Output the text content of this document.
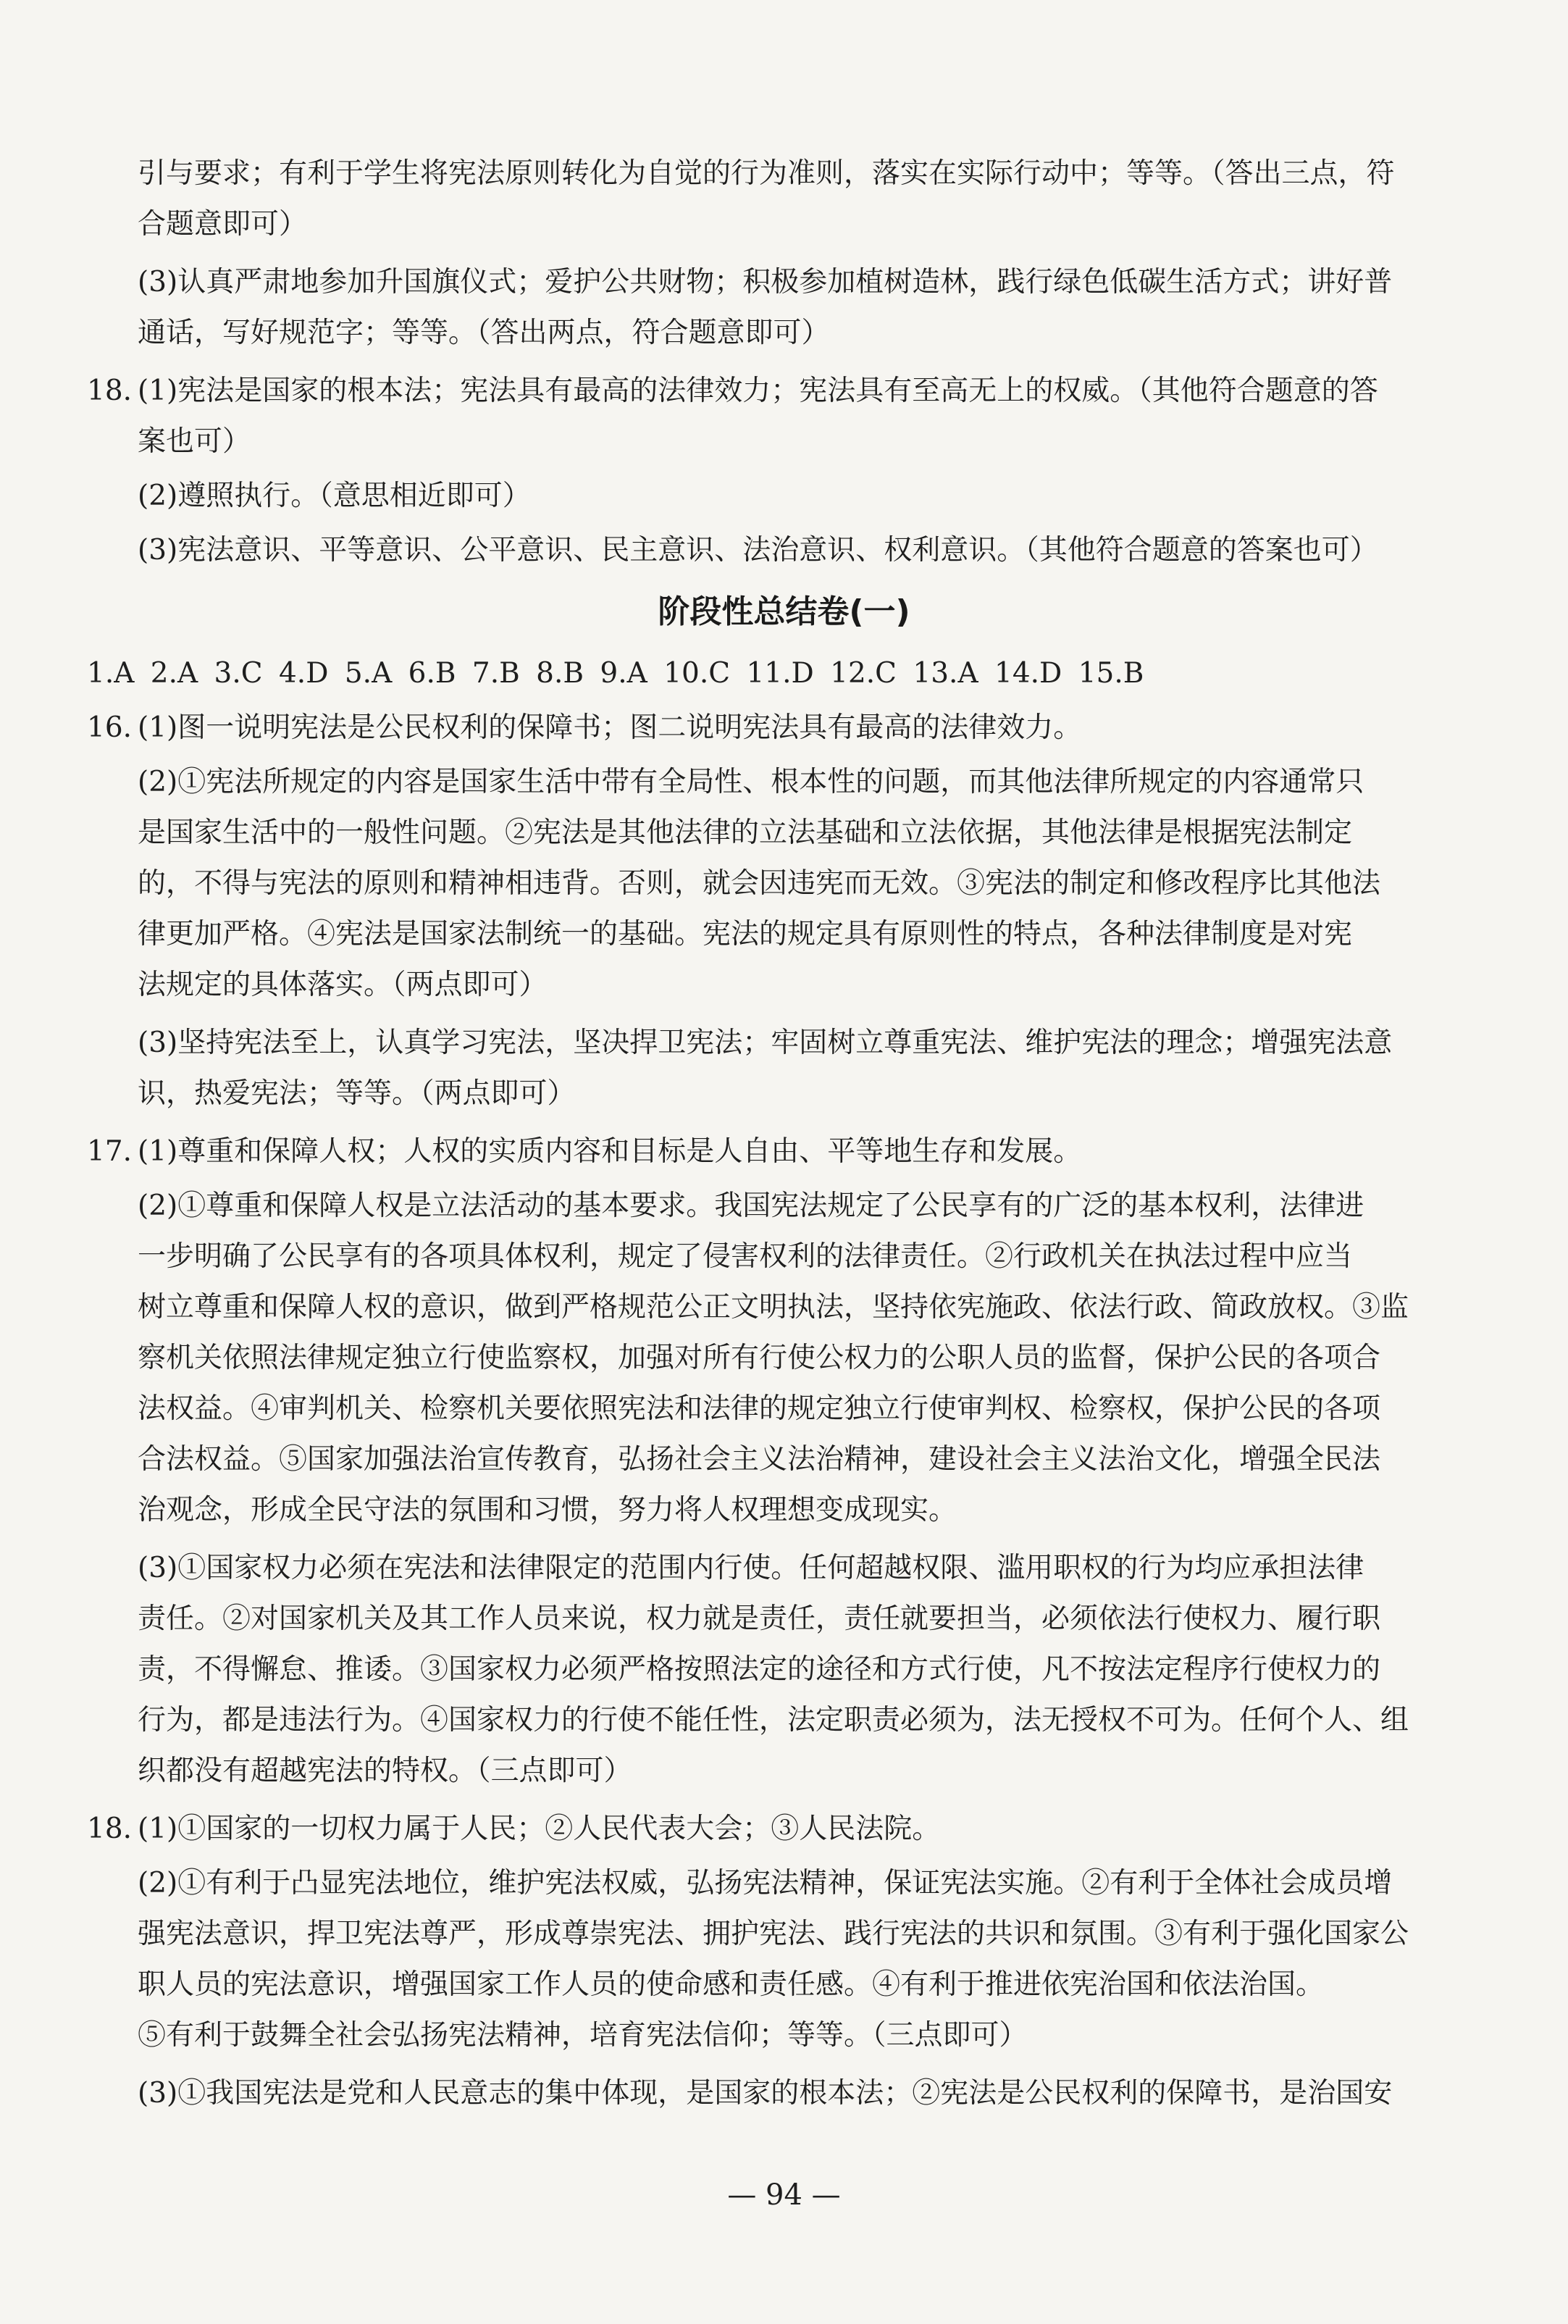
引与要求；有利于学生将宪法原则转化为自觉的行为准则，落实在实际行动中；等等。（答出三点，符
合题意即可）
(3)认真严肃地参加升国旗仪式；爱护公共财物；积极参加植树造林，践行绿色低碳生活方式；讲好普
通话，写好规范字；等等。（答出两点，符合题意即可）
18. (1)宪法是国家的根本法；宪法具有最高的法律效力；宪法具有至高无上的权威。（其他符合题意的答
案也可）
(2)遵照执行。（意思相近即可）
(3)宪法意识、平等意识、公平意识、民主意识、法治意识、权利意识。（其他符合题意的答案也可）
阶段性总结卷(一)
1.A 2.A 3.C 4.D 5.A 6.B 7.B 8.B 9.A 10.C 11.D 12.C 13.A 14.D 15.B
16. (1)图一说明宪法是公民权利的保障书；图二说明宪法具有最高的法律效力。
(2)①宪法所规定的内容是国家生活中带有全局性、根本性的问题，而其他法律所规定的内容通常只
是国家生活中的一般性问题。②宪法是其他法律的立法基础和立法依据，其他法律是根据宪法制定
的，不得与宪法的原则和精神相违背。否则，就会因违宪而无效。③宪法的制定和修改程序比其他法
律更加严格。④宪法是国家法制统一的基础。宪法的规定具有原则性的特点，各种法律制度是对宪
法规定的具体落实。（两点即可）
(3)坚持宪法至上，认真学习宪法，坚决捍卫宪法；牢固树立尊重宪法、维护宪法的理念；增强宪法意
识，热爱宪法；等等。（两点即可）
17. (1)尊重和保障人权；人权的实质内容和目标是人自由、平等地生存和发展。
(2)①尊重和保障人权是立法活动的基本要求。我国宪法规定了公民享有的广泛的基本权利，法律进
一步明确了公民享有的各项具体权利，规定了侵害权利的法律责任。②行政机关在执法过程中应当
树立尊重和保障人权的意识，做到严格规范公正文明执法，坚持依宪施政、依法行政、简政放权。③监
察机关依照法律规定独立行使监察权，加强对所有行使公权力的公职人员的监督，保护公民的各项合
法权益。④审判机关、检察机关要依照宪法和法律的规定独立行使审判权、检察权，保护公民的各项
合法权益。⑤国家加强法治宣传教育，弘扬社会主义法治精神，建设社会主义法治文化，增强全民法
治观念，形成全民守法的氛围和习惯，努力将人权理想变成现实。
(3)①国家权力必须在宪法和法律限定的范围内行使。任何超越权限、滥用职权的行为均应承担法律
责任。②对国家机关及其工作人员来说，权力就是责任，责任就要担当，必须依法行使权力、履行职
责，不得懈怠、推诿。③国家权力必须严格按照法定的途径和方式行使，凡不按法定程序行使权力的
行为，都是违法行为。④国家权力的行使不能任性，法定职责必须为，法无授权不可为。任何个人、组
织都没有超越宪法的特权。（三点即可）
18. (1)①国家的一切权力属于人民；②人民代表大会；③人民法院。
(2)①有利于凸显宪法地位，维护宪法权威，弘扬宪法精神，保证宪法实施。②有利于全体社会成员增
强宪法意识，捍卫宪法尊严，形成尊崇宪法、拥护宪法、践行宪法的共识和氛围。③有利于强化国家公
职人员的宪法意识，增强国家工作人员的使命感和责任感。④有利于推进依宪治国和依法治国。
⑤有利于鼓舞全社会弘扬宪法精神，培育宪法信仰；等等。（三点即可）
(3)①我国宪法是党和人民意志的集中体现，是国家的根本法；②宪法是公民权利的保障书，是治国安
— 94 —
